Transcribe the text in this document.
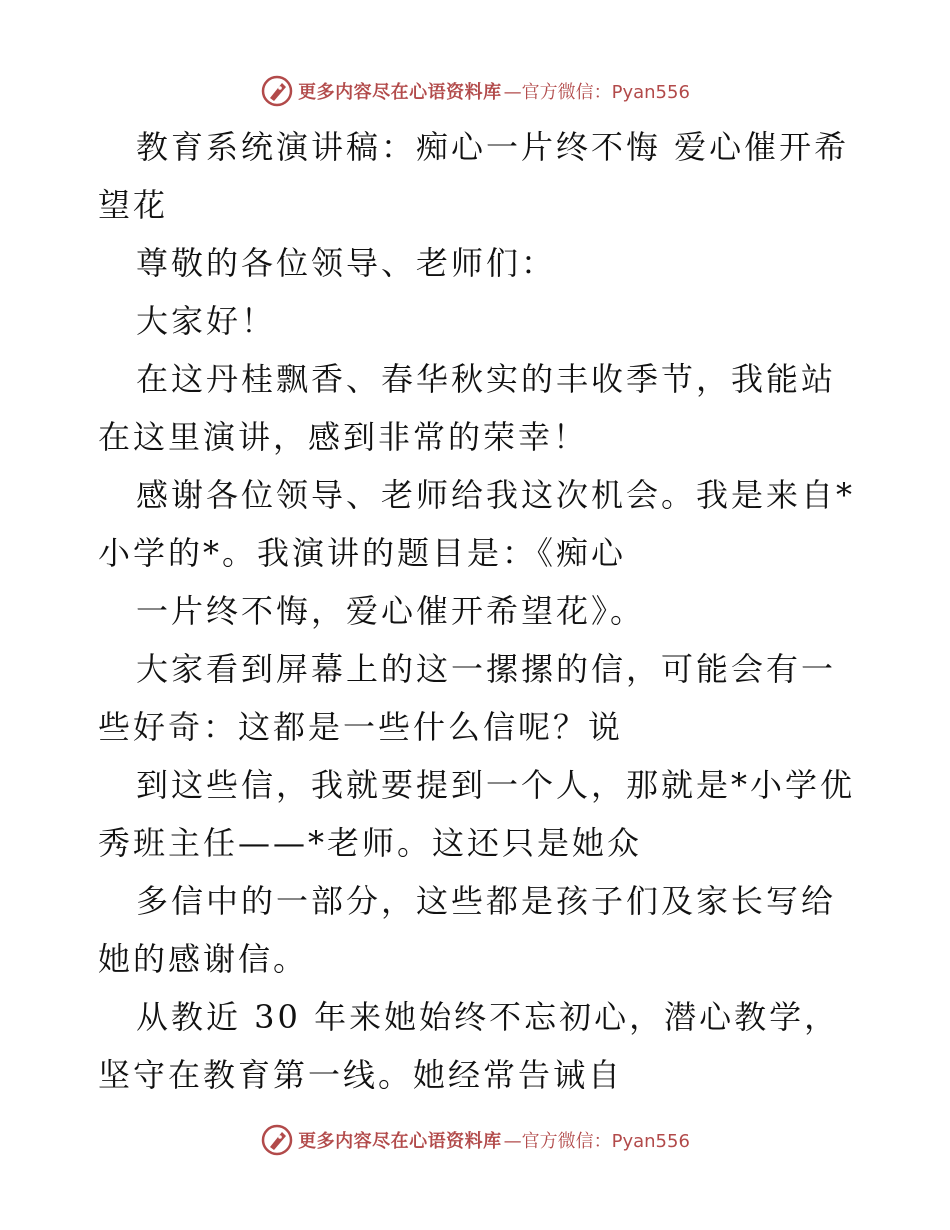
更多内容尽在心语资料库 —官方微信：Pyan556

教育系统演讲稿：痴心一片终不悔 爱心催开希望花

尊敬的各位领导、老师们：

大家好！

在这丹桂飘香、春华秋实的丰收季节，我能站在这里演讲，感到非常的荣幸！

感谢各位领导、老师给我这次机会。我是来自*小学的*。我演讲的题目是：《痴心

一片终不悔，爱心催开希望花》。

大家看到屏幕上的这一摞摞的信，可能会有一些好奇：这都是一些什么信呢？说

到这些信，我就要提到一个人，那就是*小学优秀班主任——*老师。这还只是她众

多信中的一部分，这些都是孩子们及家长写给她的感谢信。

从教近 30 年来她始终不忘初心，潜心教学，坚守在教育第一线。她经常告诫自

更多内容尽在心语资料库 —官方微信：Pyan556
